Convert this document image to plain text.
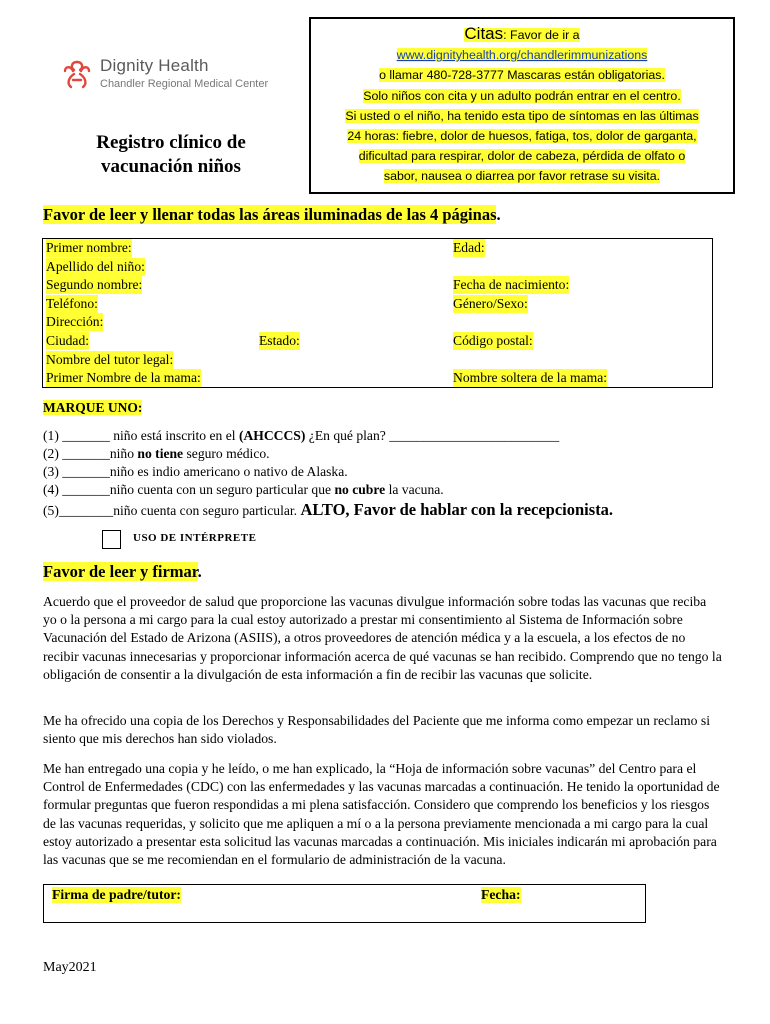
Dignity Health
Chandler Regional Medical Center
Registro clínico de
vacunación niños
Citas: Favor de ir a
www.dignityhealth.org/chandlerimmunizations
o llamar 480-728-3777 Mascaras están obligatorias.
Solo niños con cita y un adulto podrán entrar en el centro.
Si usted o el niño, ha tenido esta tipo de síntomas en las últimas
24 horas: fiebre, dolor de huesos, fatiga, tos, dolor de garganta,
dificultad para respirar, dolor de cabeza, pérdida de olfato o
sabor, nausea o diarrea por favor retrase su visita.
Favor de leer y llenar todas las áreas iluminadas de las 4 páginas.
Primer nombre:	Edad:
Apellido del niño:
Segundo nombre:	Fecha de nacimiento:
Teléfono:	Género/Sexo:
Dirección:
Ciudad:	Estado:	Código postal:
Nombre del tutor legal:
Primer Nombre de la mama:	Nombre soltera de la mama:
MARQUE UNO:
(1) _______ niño está inscrito en el (AHCCCS) ¿En qué plan? _________________________
(2) _______niño no tiene seguro médico.
(3) _______niño es indio americano o nativo de Alaska.
(4) _______niño cuenta con un seguro particular que no cubre la vacuna.
(5)________niño cuenta con seguro particular. ALTO, Favor de hablar con la recepcionista.
USO DE INTÉRPRETE
Favor de leer y firmar.
Acuerdo que el proveedor de salud que proporcione las vacunas divulgue información sobre todas las vacunas que reciba yo o la persona a mi cargo para la cual estoy autorizado a prestar mi consentimiento al Sistema de Información sobre Vacunación del Estado de Arizona (ASIIS), a otros proveedores de atención médica y a la escuela, a los efectos de no recibir vacunas innecesarias y proporcionar información acerca de qué vacunas se han recibido. Comprendo que no tengo la obligación de consentir a la divulgación de esta información a fin de recibir las vacunas que solicite.
Me ha ofrecido una copia de los Derechos y Responsabilidades del Paciente que me informa como empezar un reclamo si siento que mis derechos han sido violados.
Me han entregado una copia y he leído, o me han explicado, la “Hoja de información sobre vacunas” del Centro para el Control de Enfermedades (CDC) con las enfermedades y las vacunas marcadas a continuación. He tenido la oportunidad de formular preguntas que fueron respondidas a mi plena satisfacción. Considero que comprendo los beneficios y los riesgos de las vacunas requeridas, y solicito que me apliquen a mí o a la persona previamente mencionada a mi cargo para la cual estoy autorizado a presentar esta solicitud las vacunas marcadas a continuación. Mis iniciales indicarán mi aprobación para las vacunas que se me recomiendan en el formulario de administración de la vacuna.
Firma de padre/tutor:	Fecha:
May2021
